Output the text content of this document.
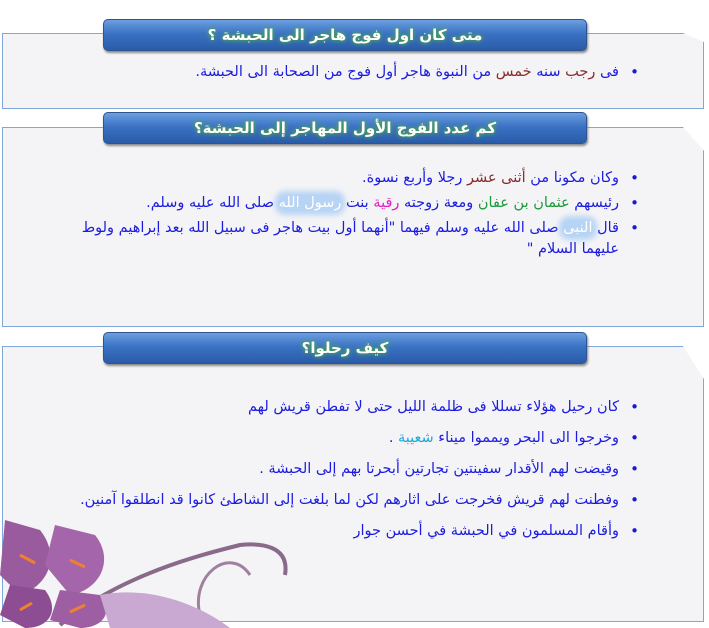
متى كان اول فوج هاجر الى الحبشة ؟
• فى رجب سنه خمس من النبوة هاجر أول فوج من الصحابة الى الحبشة.
كم عدد الفوج الأول المهاجر إلى الحبشة؟
• وكان مكونا من أثنى عشر رجلا وأربع نسوة.
• رئيسهم عثمان بن عفان ومعة زوجته رقية بنت رسول الله صلى الله عليه وسلم.
• قال النبى صلى الله عليه وسلم فيهما "أنهما أول بيت هاجر فى سبيل الله بعد إبراهيم ولوط عليهما السلام "
كيف رحلوا؟
• كان رحيل هؤلاء تسللا فى ظلمة الليل حتى لا تفطن قريش لهم
• وخرجوا الى البحر ويمموا ميناء شعيبة .
• وقيضت لهم الأقدار سفينتين تجارتين أبحرتا بهم إلى الحبشة .
• وفطنت لهم قريش فخرجت على اثارهم لكن لما بلغت إلى الشاطئ كانوا قد انطلقوا آمنين.
• وأقام المسلمون في الحبشة في أحسن جوار
